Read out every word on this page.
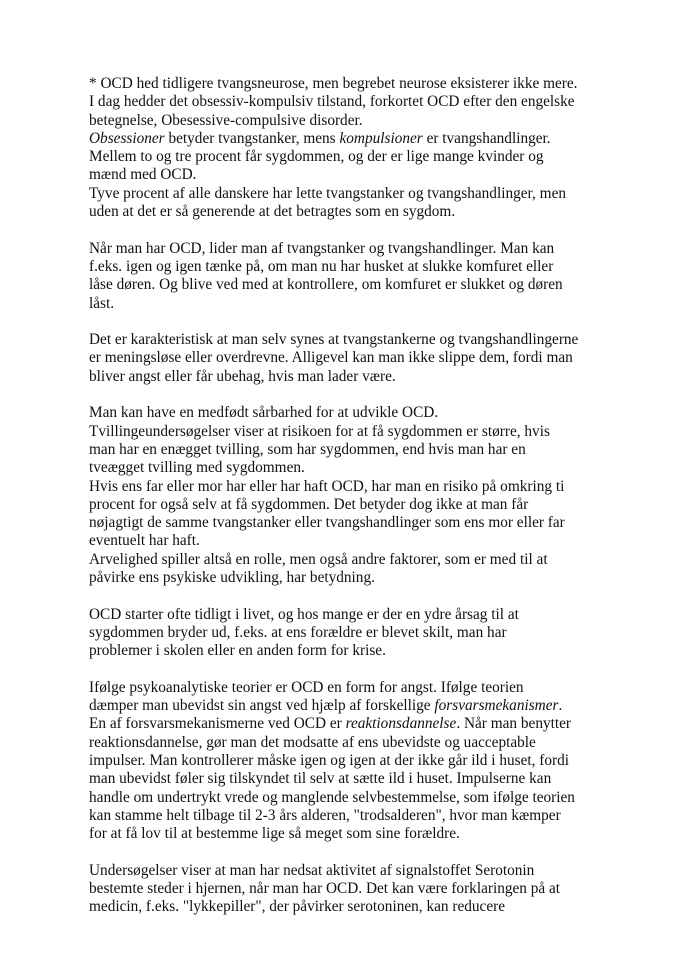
* OCD hed tidligere tvangsneurose, men begrebet neurose eksisterer ikke mere.
I dag hedder det obsessiv-kompulsiv tilstand, forkortet OCD efter den engelske
betegnelse, Obesessive-compulsive disorder.
Obsessioner betyder tvangstanker, mens kompulsioner er tvangshandlinger.
Mellem to og tre procent får sygdommen, og der er lige mange kvinder og
mænd med OCD.
Tyve procent af alle danskere har lette tvangstanker og tvangshandlinger, men
uden at det er så generende at det betragtes som en sygdom.

Når man har OCD, lider man af tvangstanker og tvangshandlinger. Man kan
f.eks. igen og igen tænke på, om man nu har husket at slukke komfuret eller
låse døren. Og blive ved med at kontrollere, om komfuret er slukket og døren
låst.

Det er karakteristisk at man selv synes at tvangstankerne og tvangshandlingerne
er meningsløse eller overdrevne. Alligevel kan man ikke slippe dem, fordi man
bliver angst eller får ubehag, hvis man lader være.

Man kan have en medfødt sårbarhed for at udvikle OCD.
Tvillingeundersøgelser viser at risikoen for at få sygdommen er større, hvis
man har en enægget tvilling, som har sygdommen, end hvis man har en
tveægget tvilling med sygdommen.
Hvis ens far eller mor har eller har haft OCD, har man en risiko på omkring ti
procent for også selv at få sygdommen. Det betyder dog ikke at man får
nøjagtigt de samme tvangstanker eller tvangshandlinger som ens mor eller far
eventuelt har haft.
Arvelighed spiller altså en rolle, men også andre faktorer, som er med til at
påvirke ens psykiske udvikling, har betydning.

OCD starter ofte tidligt i livet, og hos mange er der en ydre årsag til at
sygdommen bryder ud, f.eks. at ens forældre er blevet skilt, man har
problemer i skolen eller en anden form for krise.

Ifølge psykoanalytiske teorier er OCD en form for angst. Ifølge teorien
dæmper man ubevidst sin angst ved hjælp af forskellige forsvarsmekanismer.
En af forsvarsmekanismerne ved OCD er reaktionsdannelse. Når man benytter
reaktionsdannelse, gør man det modsatte af ens ubevidste og uacceptable
impulser. Man kontrollerer måske igen og igen at der ikke går ild i huset, fordi
man ubevidst føler sig tilskyndet til selv at sætte ild i huset. Impulserne kan
handle om undertrykt vrede og manglende selvbestemmelse, som ifølge teorien
kan stamme helt tilbage til 2-3 års alderen, "trodsalderen", hvor man kæmper
for at få lov til at bestemme lige så meget som sine forældre.

Undersøgelser viser at man har nedsat aktivitet af signalstoffet Serotonin
bestemte steder i hjernen, når man har OCD. Det kan være forklaringen på at
medicin, f.eks. "lykkepiller", der påvirker serotoninen, kan reducere
